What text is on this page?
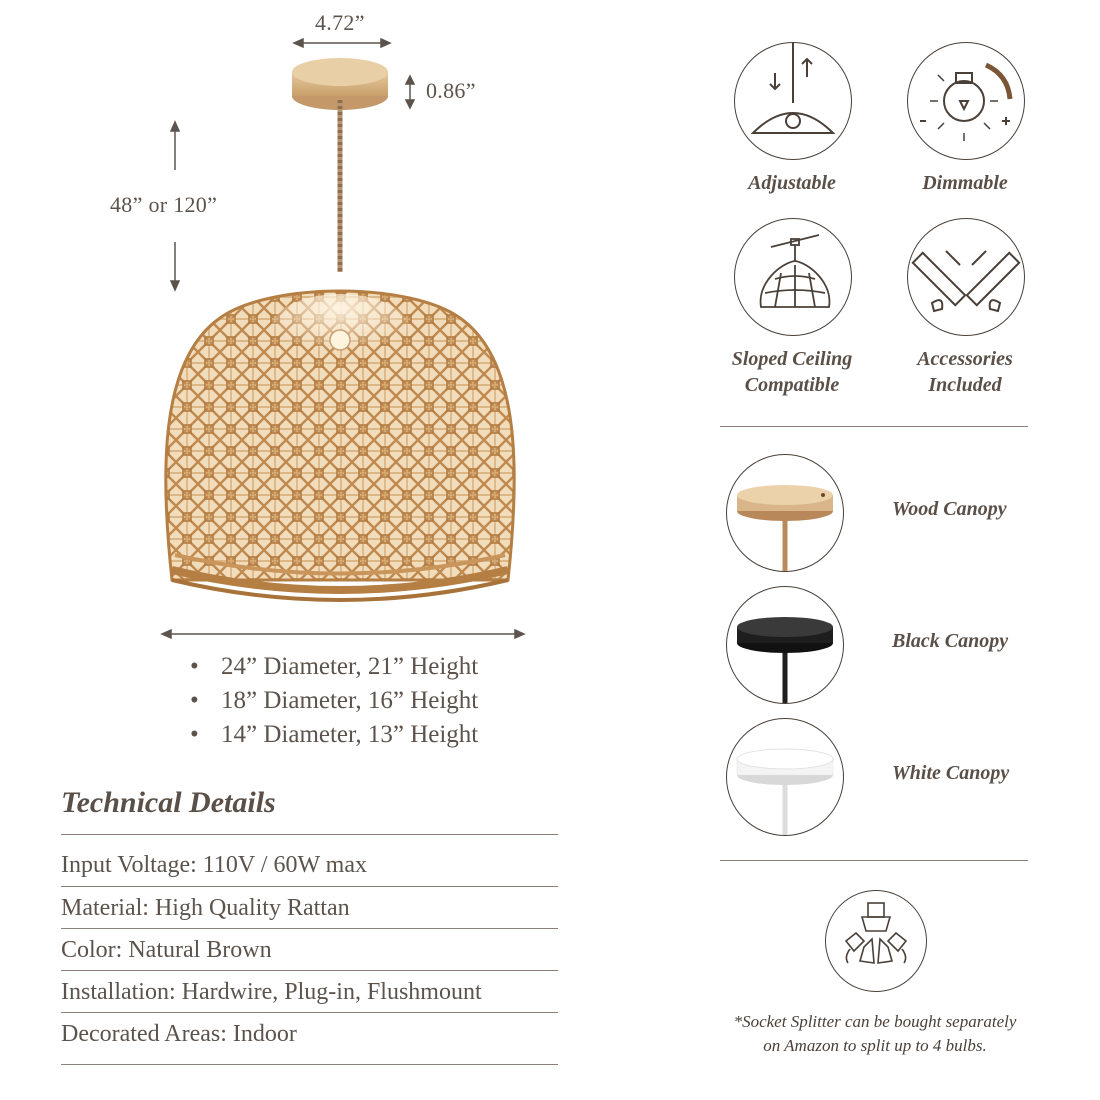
4.72”
0.86”
48” or 120”
• 24” Diameter, 21” Height
• 18” Diameter, 16” Height
• 14” Diameter, 13” Height
Technical Details
Input Voltage: 110V / 60W max
Material: High Quality Rattan
Color: Natural Brown
Installation: Hardwire, Plug-in, Flushmount
Decorated Areas: Indoor
Adjustable	Dimmable
Sloped Ceiling
Compatible
Accessories
Included
Wood Canopy
Black Canopy
White Canopy
*Socket Splitter can be bought separately
on Amazon to split up to 4 bulbs.
